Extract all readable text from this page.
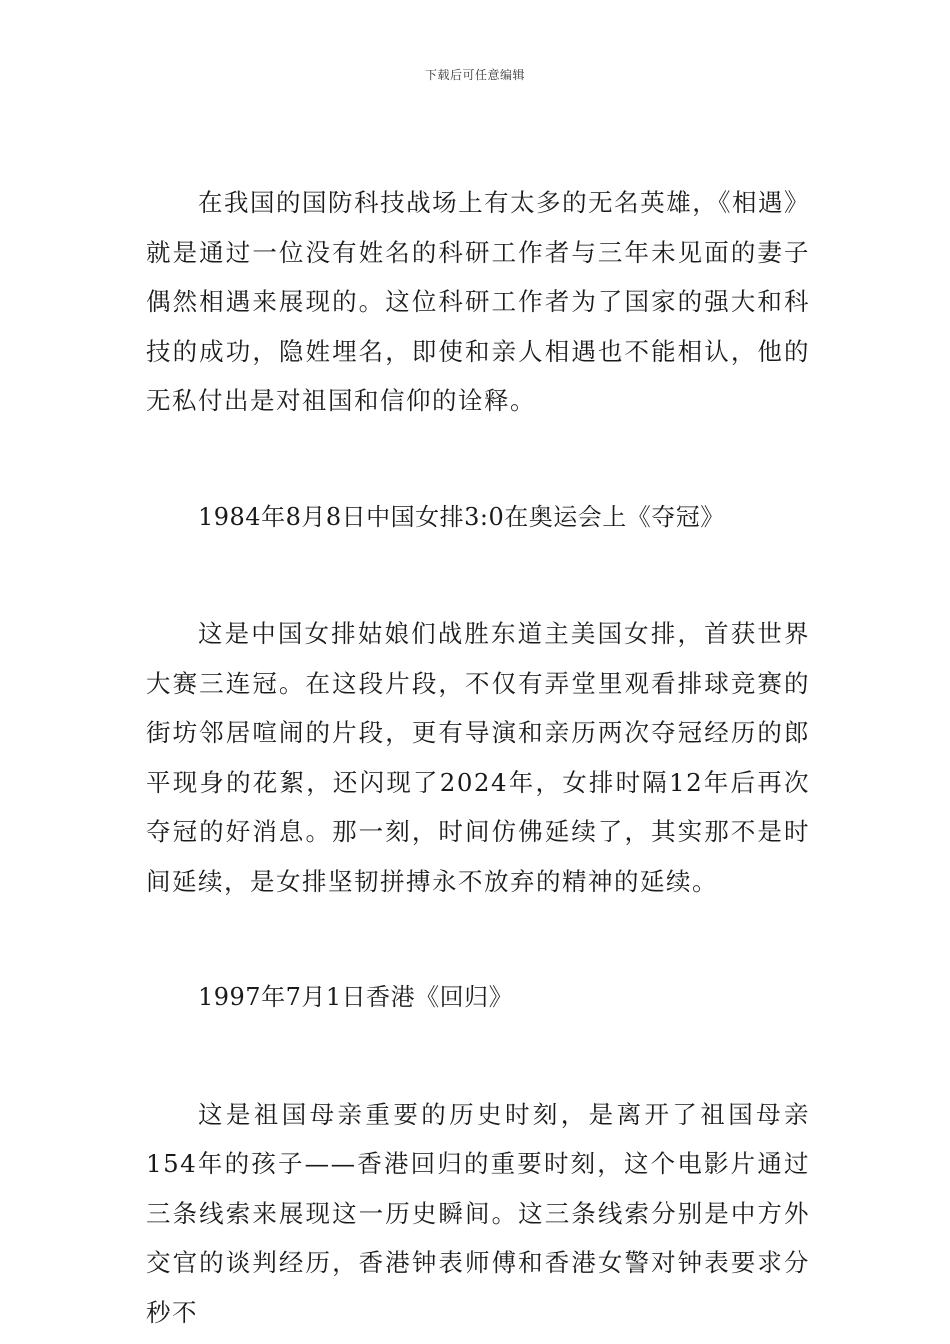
下载后可任意编辑

在我国的国防科技战场上有太多的无名英雄，《相遇》就是通过一位没有姓名的科研工作者与三年未见面的妻子偶然相遇来展现的。这位科研工作者为了国家的强大和科技的成功，隐姓埋名，即使和亲人相遇也不能相认，他的无私付出是对祖国和信仰的诠释。

1984年8月8日中国女排3:0在奥运会上《夺冠》

这是中国女排姑娘们战胜东道主美国女排，首获世界大赛三连冠。在这段片段，不仅有弄堂里观看排球竞赛的街坊邻居喧闹的片段，更有导演和亲历两次夺冠经历的郎平现身的花絮，还闪现了2024年，女排时隔12年后再次夺冠的好消息。那一刻，时间仿佛延续了，其实那不是时间延续，是女排坚韧拼搏永不放弃的精神的延续。

1997年7月1日香港《回归》

这是祖国母亲重要的历史时刻，是离开了祖国母亲154年的孩子——香港回归的重要时刻，这个电影片通过三条线索来展现这一历史瞬间。这三条线索分别是中方外交官的谈判经历，香港钟表师傅和香港女警对钟表要求分秒不
